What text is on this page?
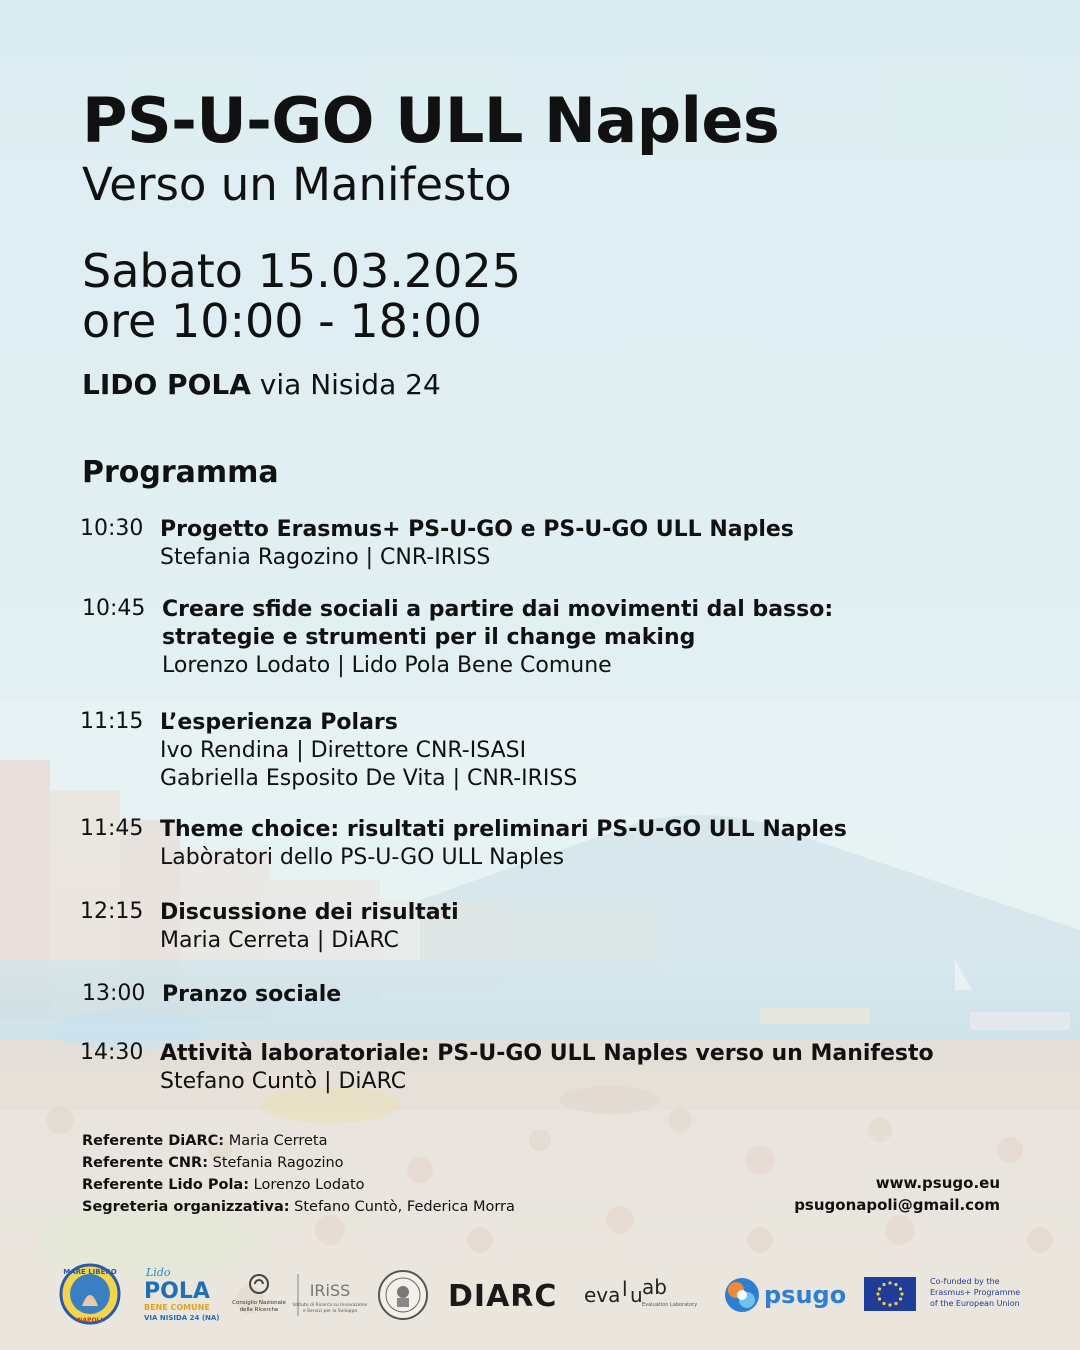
PS-U-GO ULL Naples
Verso un Manifesto
Sabato 15.03.2025
ore 10:00 - 18:00
LIDO POLA via Nisida 24
Programma
10:30 Progetto Erasmus+ PS-U-GO e PS-U-GO ULL Naples
Stefania Ragozino | CNR-IRISS
10:45 Creare sfide sociali a partire dai movimenti dal basso:
strategie e strumenti per il change making
Lorenzo Lodato | Lido Pola Bene Comune
11:15 L’esperienza Polars
Ivo Rendina | Direttore CNR-ISASI
Gabriella Esposito De Vita | CNR-IRISS
11:45 Theme choice: risultati preliminari PS-U-GO ULL Naples
Labòratori dello PS-U-GO ULL Naples
12:15 Discussione dei risultati
Maria Cerreta | DiARC
13:00 Pranzo sociale
14:30 Attività laboratoriale: PS-U-GO ULL Naples verso un Manifesto
Stefano Cuntò | DiARC
Referente DiARC: Maria Cerreta
Referente CNR: Stefania Ragozino
Referente Lido Pola: Lorenzo Lodato
Segreteria organizzativa: Stefano Cuntò, Federica Morra
www.psugo.eu
psugonapoli@gmail.com
MARE LIBERO
NAPOLI
Lido
POLA
BENE COMUNE
VIA NISIDA 24 (NA)
Consiglio Nazionale
delle Ricerche
IRiSS
Istituto di Ricerca su Innovazione
e Servizi per lo Sviluppo	DIARC eva l u ab
Evaluation Laboratory	psugo	Co-funded by the
Erasmus+ Programme
of the European Union
